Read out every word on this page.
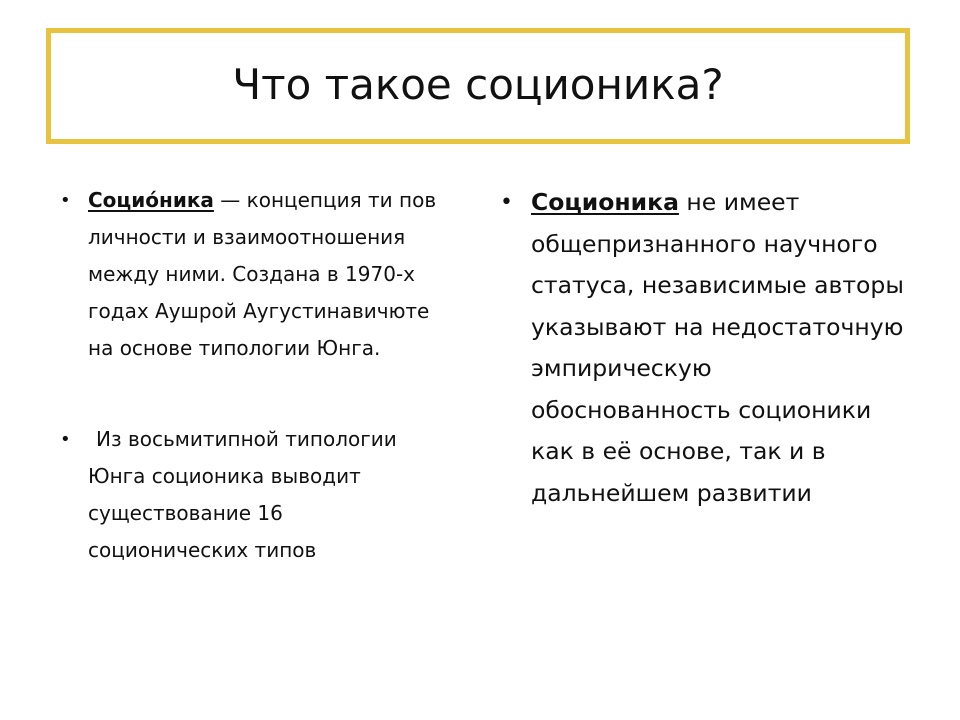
Что такое соционика?
• Социо́ника — концепция ти пов личности и взаимоотношения между ними. Создана в 1970-х годах Аушрой Аугустинавичюте на основе типологии Юнга.
• Из восьмитипной типологии Юнга соционика выводит существование 16 соционических типов
• Соционика не имеет общепризнанного научного статуса, независимые авторы указывают на недостаточную эмпирическую обоснованность соционики как в её основе, так и в дальнейшем развитии
